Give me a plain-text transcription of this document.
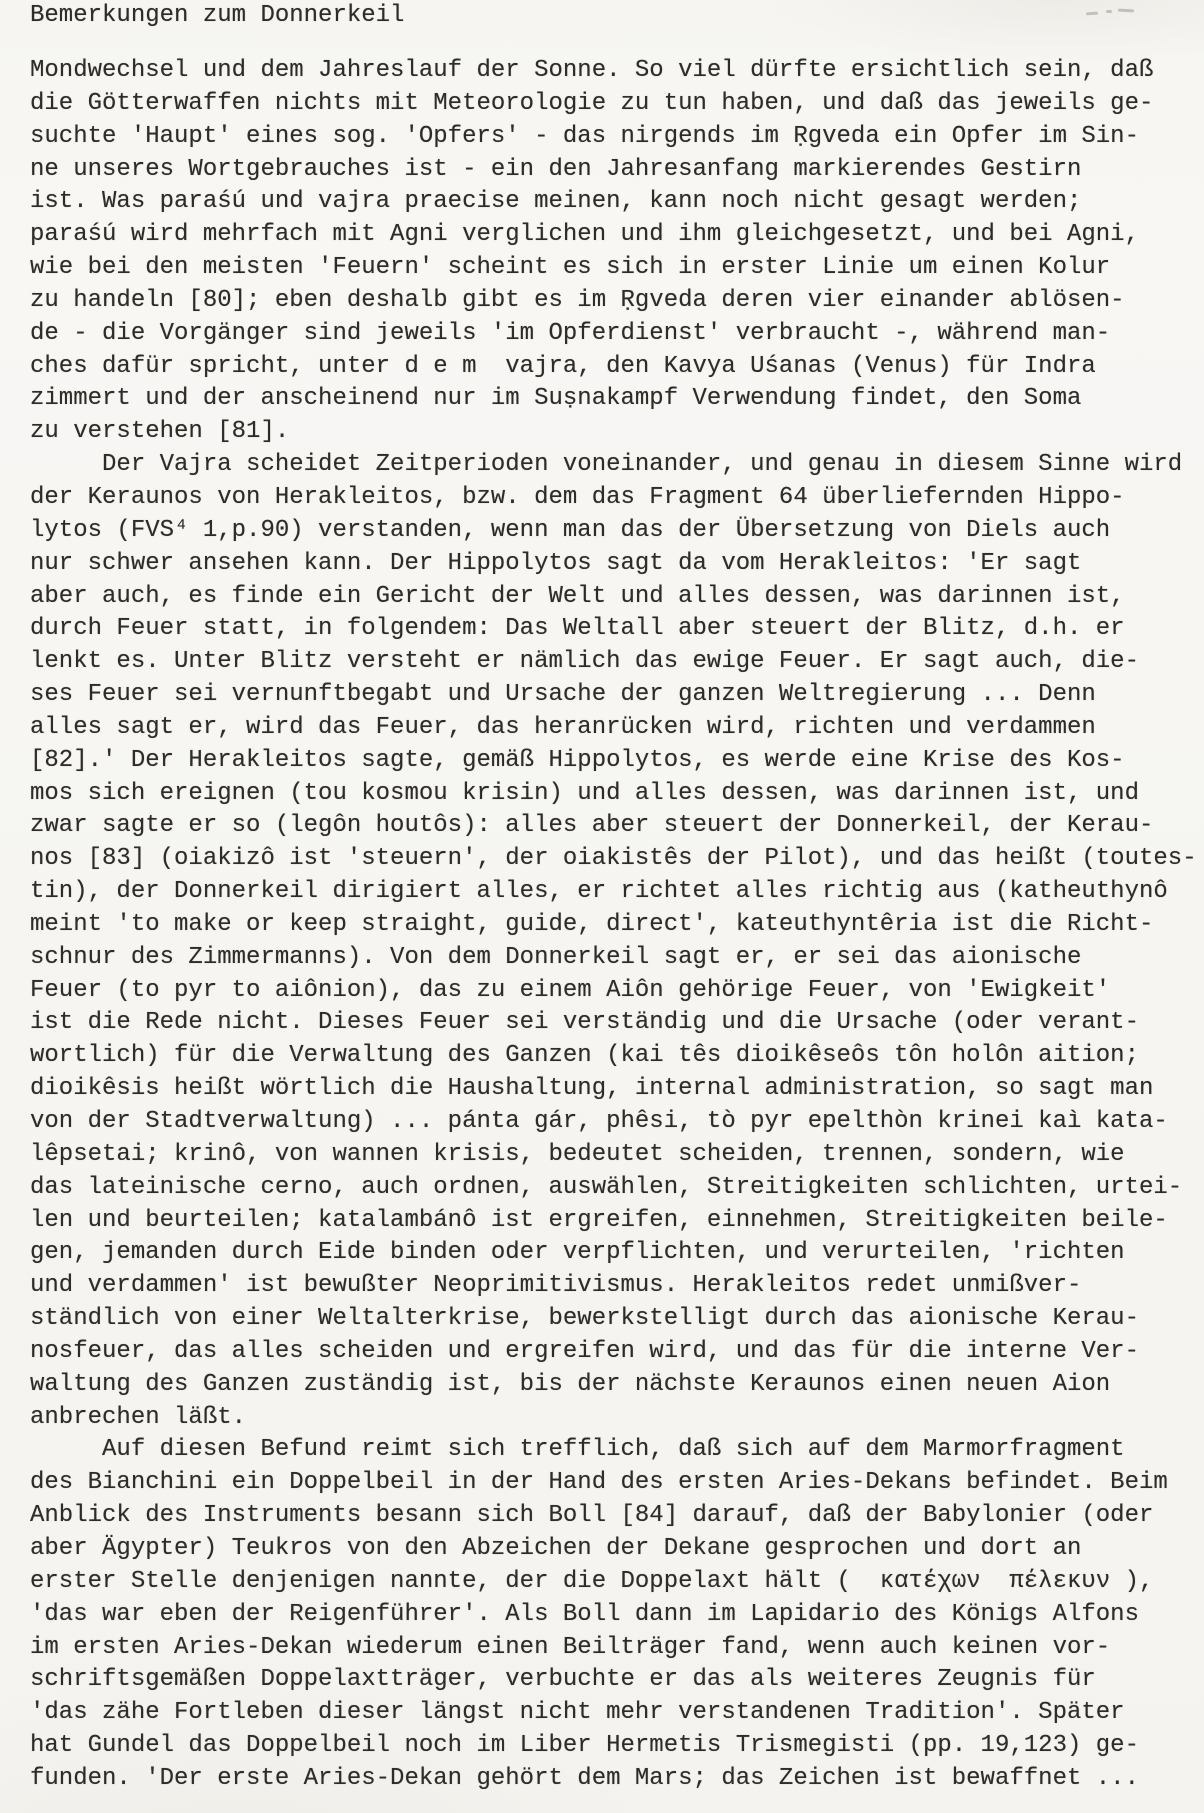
Bemerkungen zum Donnerkeil
Mondwechsel und dem Jahreslauf der Sonne. So viel dürfte ersichtlich sein, daß
die Götterwaffen nichts mit Meteorologie zu tun haben, und daß das jeweils ge-
suchte 'Haupt' eines sog. 'Opfers' - das nirgends im Ṛgveda ein Opfer im Sin-
ne unseres Wortgebrauches ist - ein den Jahresanfang markierendes Gestirn
ist. Was paraśú und vajra praecise meinen, kann noch nicht gesagt werden;
paraśú wird mehrfach mit Agni verglichen und ihm gleichgesetzt, und bei Agni,
wie bei den meisten 'Feuern' scheint es sich in erster Linie um einen Kolur
zu handeln [80]; eben deshalb gibt es im Ṛgveda deren vier einander ablösen-
de - die Vorgänger sind jeweils 'im Opferdienst' verbraucht -, während man-
ches dafür spricht, unter d e m  vajra, den Kavya Uśanas (Venus) für Indra
zimmert und der anscheinend nur im Suṣnakampf Verwendung findet, den Soma
zu verstehen [81].
Der Vajra scheidet Zeitperioden voneinander, und genau in diesem Sinne wird
der Keraunos von Herakleitos, bzw. dem das Fragment 64 überliefernden Hippo-
lytos (FVS⁴ 1,p.90) verstanden, wenn man das der Übersetzung von Diels auch
nur schwer ansehen kann. Der Hippolytos sagt da vom Herakleitos: 'Er sagt
aber auch, es finde ein Gericht der Welt und alles dessen, was darinnen ist,
durch Feuer statt, in folgendem: Das Weltall aber steuert der Blitz, d.h. er
lenkt es. Unter Blitz versteht er nämlich das ewige Feuer. Er sagt auch, die-
ses Feuer sei vernunftbegabt und Ursache der ganzen Weltregierung ... Denn
alles sagt er, wird das Feuer, das heranrücken wird, richten und verdammen
[82].' Der Herakleitos sagte, gemäß Hippolytos, es werde eine Krise des Kos-
mos sich ereignen (tou kosmou krisin) und alles dessen, was darinnen ist, und
zwar sagte er so (legôn houtôs): alles aber steuert der Donnerkeil, der Kerau-
nos [83] (oiakizô ist 'steuern', der oiakistês der Pilot), und das heißt (toutes-
tin), der Donnerkeil dirigiert alles, er richtet alles richtig aus (katheuthynô
meint 'to make or keep straight, guide, direct', kateuthyntêria ist die Richt-
schnur des Zimmermanns). Von dem Donnerkeil sagt er, er sei das aionische
Feuer (to pyr to aiônion), das zu einem Aiôn gehörige Feuer, von 'Ewigkeit'
ist die Rede nicht. Dieses Feuer sei verständig und die Ursache (oder verant-
wortlich) für die Verwaltung des Ganzen (kai tês dioikêseôs tôn holôn aition;
dioikêsis heißt wörtlich die Haushaltung, internal administration, so sagt man
von der Stadtverwaltung) ... pánta gár, phêsi, tò pyr epelthòn krinei kaì kata-
lêpsetai; krinô, von wannen krisis, bedeutet scheiden, trennen, sondern, wie
das lateinische cerno, auch ordnen, auswählen, Streitigkeiten schlichten, urtei-
len und beurteilen; katalambánô ist ergreifen, einnehmen, Streitigkeiten beile-
gen, jemanden durch Eide binden oder verpflichten, und verurteilen, 'richten
und verdammen' ist bewußter Neoprimitivismus. Herakleitos redet unmißver-
ständlich von einer Weltalterkrise, bewerkstelligt durch das aionische Kerau-
nosfeuer, das alles scheiden und ergreifen wird, und das für die interne Ver-
waltung des Ganzen zuständig ist, bis der nächste Keraunos einen neuen Aion
anbrechen läßt.
Auf diesen Befund reimt sich trefflich, daß sich auf dem Marmorfragment
des Bianchini ein Doppelbeil in der Hand des ersten Aries-Dekans befindet. Beim
Anblick des Instruments besann sich Boll [84] darauf, daß der Babylonier (oder
aber Ägypter) Teukros von den Abzeichen der Dekane gesprochen und dort an
erster Stelle denjenigen nannte, der die Doppelaxt hält (  κατέχων  πέλεκυν ),
'das war eben der Reigenführer'. Als Boll dann im Lapidario des Königs Alfons
im ersten Aries-Dekan wiederum einen Beilträger fand, wenn auch keinen vor-
schriftsgemäßen Doppelaxtträger, verbuchte er das als weiteres Zeugnis für
'das zähe Fortleben dieser längst nicht mehr verstandenen Tradition'. Später
hat Gundel das Doppelbeil noch im Liber Hermetis Trismegisti (pp. 19,123) ge-
funden. 'Der erste Aries-Dekan gehört dem Mars; das Zeichen ist bewaffnet ...
